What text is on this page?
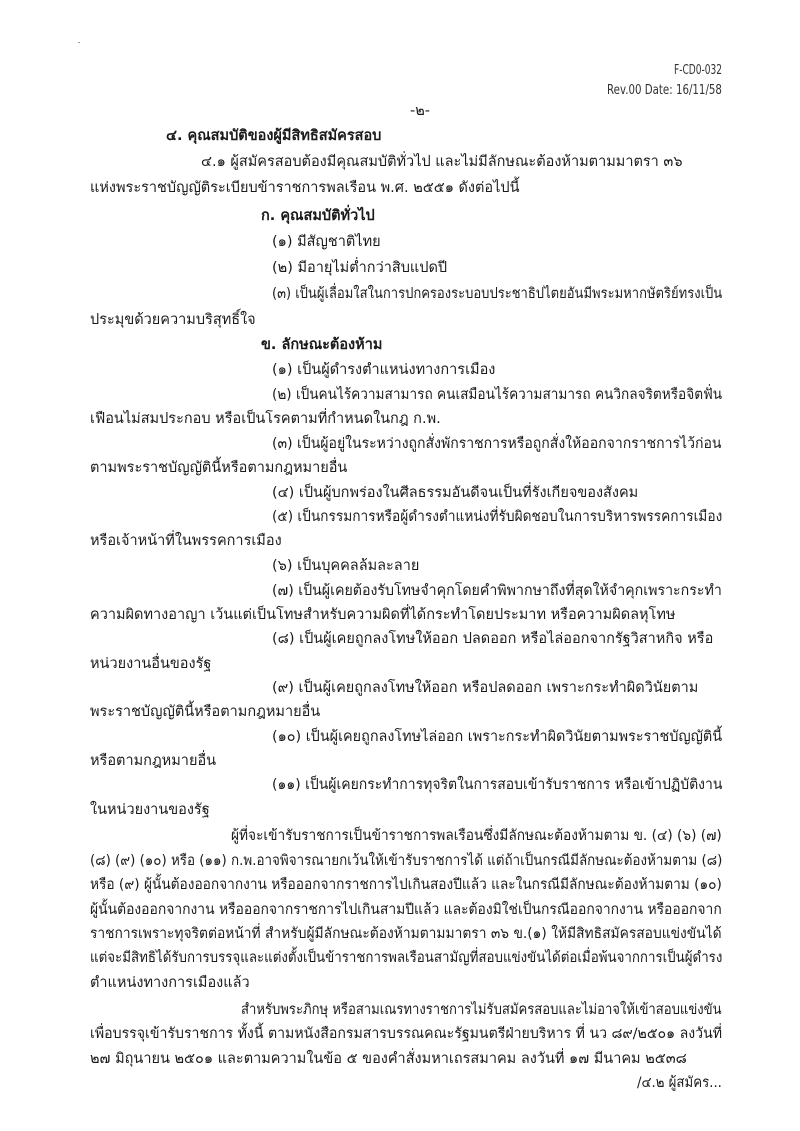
F-CD0-032
Rev.00 Date: 16/11/58
-๒-
๔. คุณสมบัติของผู้มีสิทธิสมัครสอบ
๔.๑ ผู้สมัครสอบต้องมีคุณสมบัติทั่วไป และไม่มีลักษณะต้องห้ามตามมาตรา ๓๖
แห่งพระราชบัญญัติระเบียบข้าราชการพลเรือน พ.ศ. ๒๕๕๑ ดังต่อไปนี้
ก. คุณสมบัติทั่วไป
(๑) มีสัญชาติไทย
(๒) มีอายุไม่ต่ำกว่าสิบแปดปี
(๓) เป็นผู้เลื่อมใสในการปกครองระบอบประชาธิปไตยอันมีพระมหากษัตริย์ทรงเป็น
ประมุขด้วยความบริสุทธิ์ใจ
ข. ลักษณะต้องห้าม
(๑) เป็นผู้ดำรงตำแหน่งทางการเมือง
(๒) เป็นคนไร้ความสามารถ คนเสมือนไร้ความสามารถ คนวิกลจริตหรือจิตฟั่น
เฟือนไม่สมประกอบ หรือเป็นโรคตามที่กำหนดในกฎ ก.พ.
(๓) เป็นผู้อยู่ในระหว่างถูกสั่งพักราชการหรือถูกสั่งให้ออกจากราชการไว้ก่อน
ตามพระราชบัญญัตินี้หรือตามกฎหมายอื่น
(๔) เป็นผู้บกพร่องในศีลธรรมอันดีจนเป็นที่รังเกียจของสังคม
(๕) เป็นกรรมการหรือผู้ดำรงตำแหน่งที่รับผิดชอบในการบริหารพรรคการเมือง
หรือเจ้าหน้าที่ในพรรคการเมือง
(๖) เป็นบุคคลล้มละลาย
(๗) เป็นผู้เคยต้องรับโทษจำคุกโดยคำพิพากษาถึงที่สุดให้จำคุกเพราะกระทำ
ความผิดทางอาญา เว้นแต่เป็นโทษสำหรับความผิดที่ได้กระทำโดยประมาท หรือความผิดลหุโทษ
(๘) เป็นผู้เคยถูกลงโทษให้ออก ปลดออก หรือไล่ออกจากรัฐวิสาหกิจ หรือ
หน่วยงานอื่นของรัฐ
(๙) เป็นผู้เคยถูกลงโทษให้ออก หรือปลดออก เพราะกระทำผิดวินัยตาม
พระราชบัญญัตินี้หรือตามกฎหมายอื่น
(๑๐) เป็นผู้เคยถูกลงโทษไล่ออก เพราะกระทำผิดวินัยตามพระราชบัญญัตินี้
หรือตามกฎหมายอื่น
(๑๑) เป็นผู้เคยกระทำการทุจริตในการสอบเข้ารับราชการ หรือเข้าปฏิบัติงาน
ในหน่วยงานของรัฐ
ผู้ที่จะเข้ารับราชการเป็นข้าราชการพลเรือนซึ่งมีลักษณะต้องห้ามตาม ข. (๔) (๖) (๗)
(๘) (๙) (๑๐) หรือ (๑๑) ก.พ.อาจพิจารณายกเว้นให้เข้ารับราชการได้ แต่ถ้าเป็นกรณีมีลักษณะต้องห้ามตาม (๘)
หรือ (๙) ผู้นั้นต้องออกจากงาน หรือออกจากราชการไปเกินสองปีแล้ว และในกรณีมีลักษณะต้องห้ามตาม (๑๐)
ผู้นั้นต้องออกจากงาน หรือออกจากราชการไปเกินสามปีแล้ว และต้องมิใช่เป็นกรณีออกจากงาน หรือออกจาก
ราชการเพราะทุจริตต่อหน้าที่ สำหรับผู้มีลักษณะต้องห้ามตามมาตรา ๓๖ ข.(๑) ให้มีสิทธิสมัครสอบแข่งขันได้
แต่จะมีสิทธิได้รับการบรรจุและแต่งตั้งเป็นข้าราชการพลเรือนสามัญที่สอบแข่งขันได้ต่อเมื่อพ้นจากการเป็นผู้ดำรง
ตำแหน่งทางการเมืองแล้ว
สำหรับพระภิกษุ หรือสามเณรทางราชการไม่รับสมัครสอบและไม่อาจให้เข้าสอบแข่งขัน
เพื่อบรรจุเข้ารับราชการ ทั้งนี้ ตามหนังสือกรมสารบรรณคณะรัฐมนตรีฝ่ายบริหาร ที่ นว ๘๙/๒๕๐๑ ลงวันที่
๒๗ มิถุนายน ๒๕๐๑ และตามความในข้อ ๕ ของคำสั่งมหาเถรสมาคม ลงวันที่ ๑๗ มีนาคม ๒๕๓๘
/๔.๒ ผู้สมัคร...
